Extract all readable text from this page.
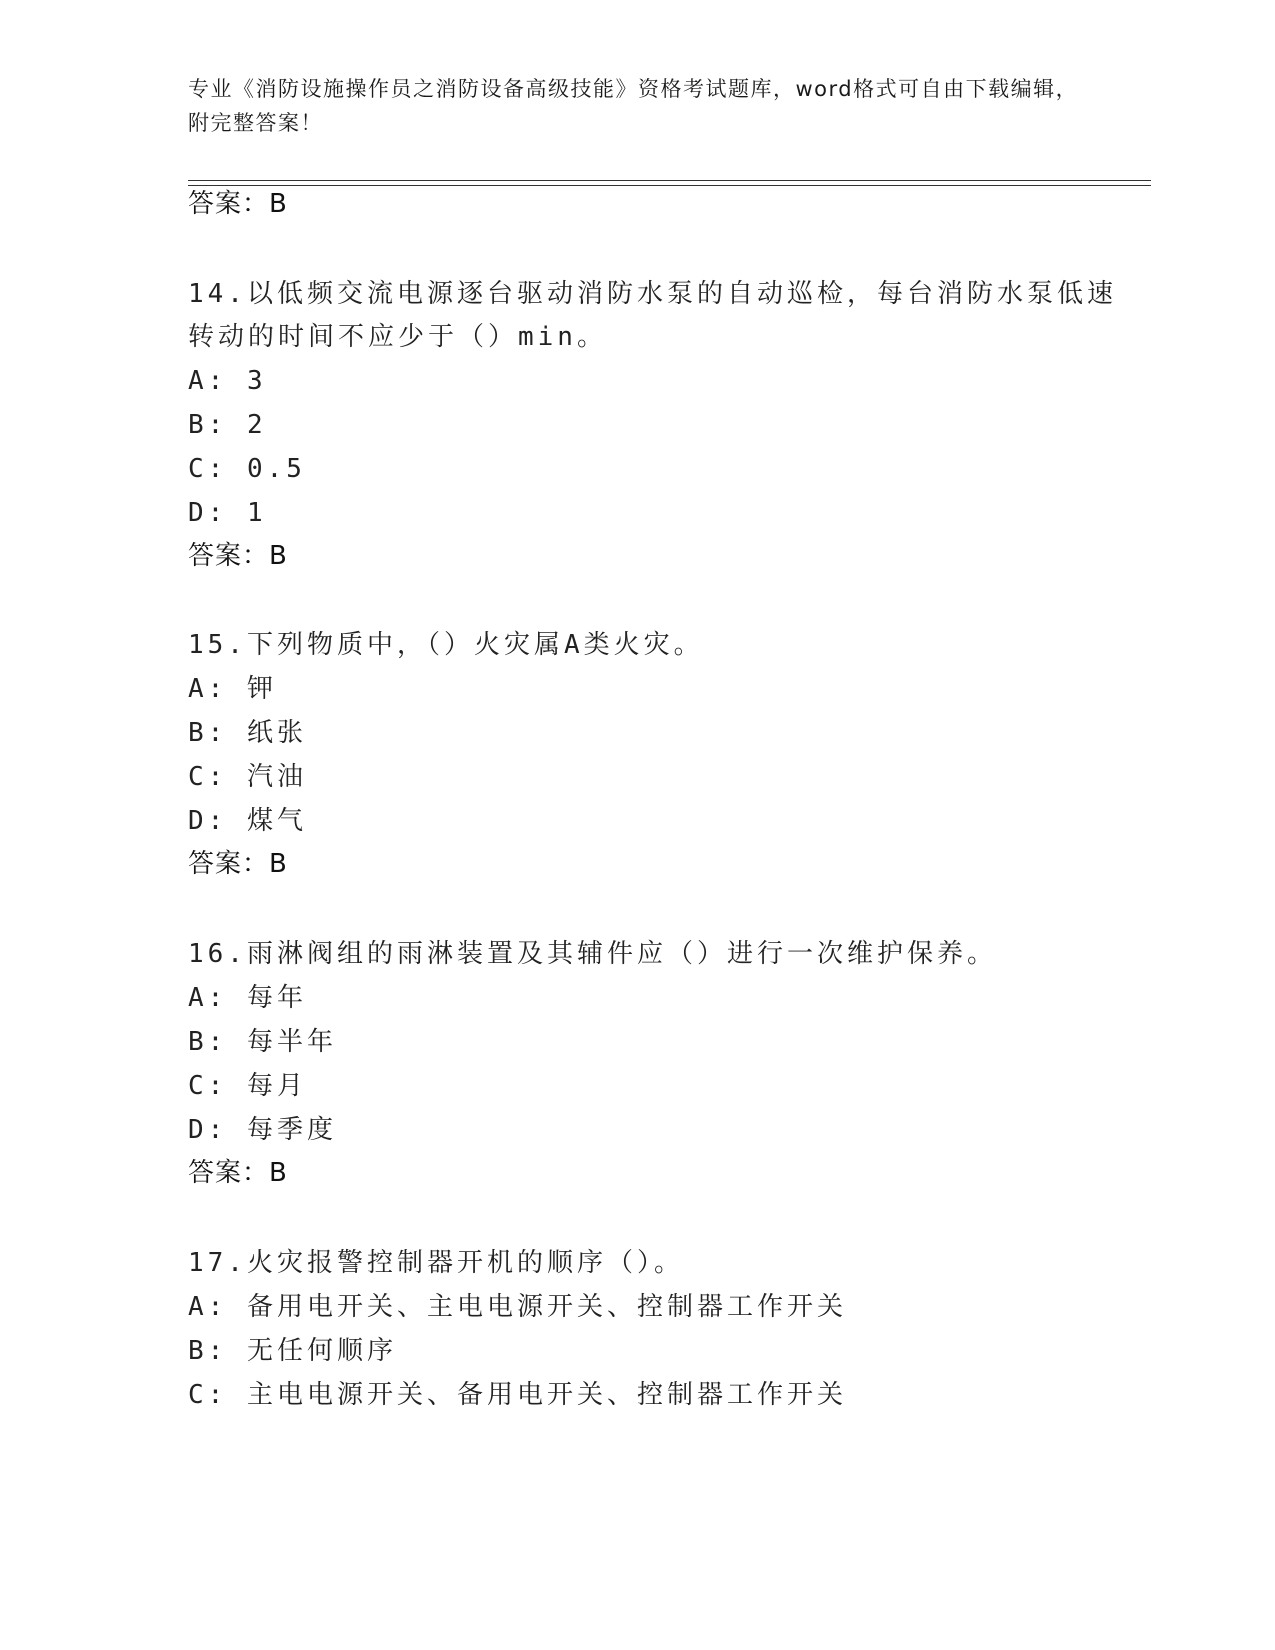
专业《消防设施操作员之消防设备高级技能》资格考试题库，word格式可自由下载编辑，附完整答案！
答案：B
14.以低频交流电源逐台驱动消防水泵的自动巡检，每台消防水泵低速
转动的时间不应少于（）min。
A: 3
B: 2
C: 0.5
D: 1
答案：B
15.下列物质中，（）火灾属A类火灾。
A: 钾
B: 纸张
C: 汽油
D: 煤气
答案：B
16.雨淋阀组的雨淋装置及其辅件应（）进行一次维护保养。
A: 每年
B: 每半年
C: 每月
D: 每季度
答案：B
17.火灾报警控制器开机的顺序（）。
A: 备用电开关、主电电源开关、控制器工作开关
B: 无任何顺序
C: 主电电源开关、备用电开关、控制器工作开关
